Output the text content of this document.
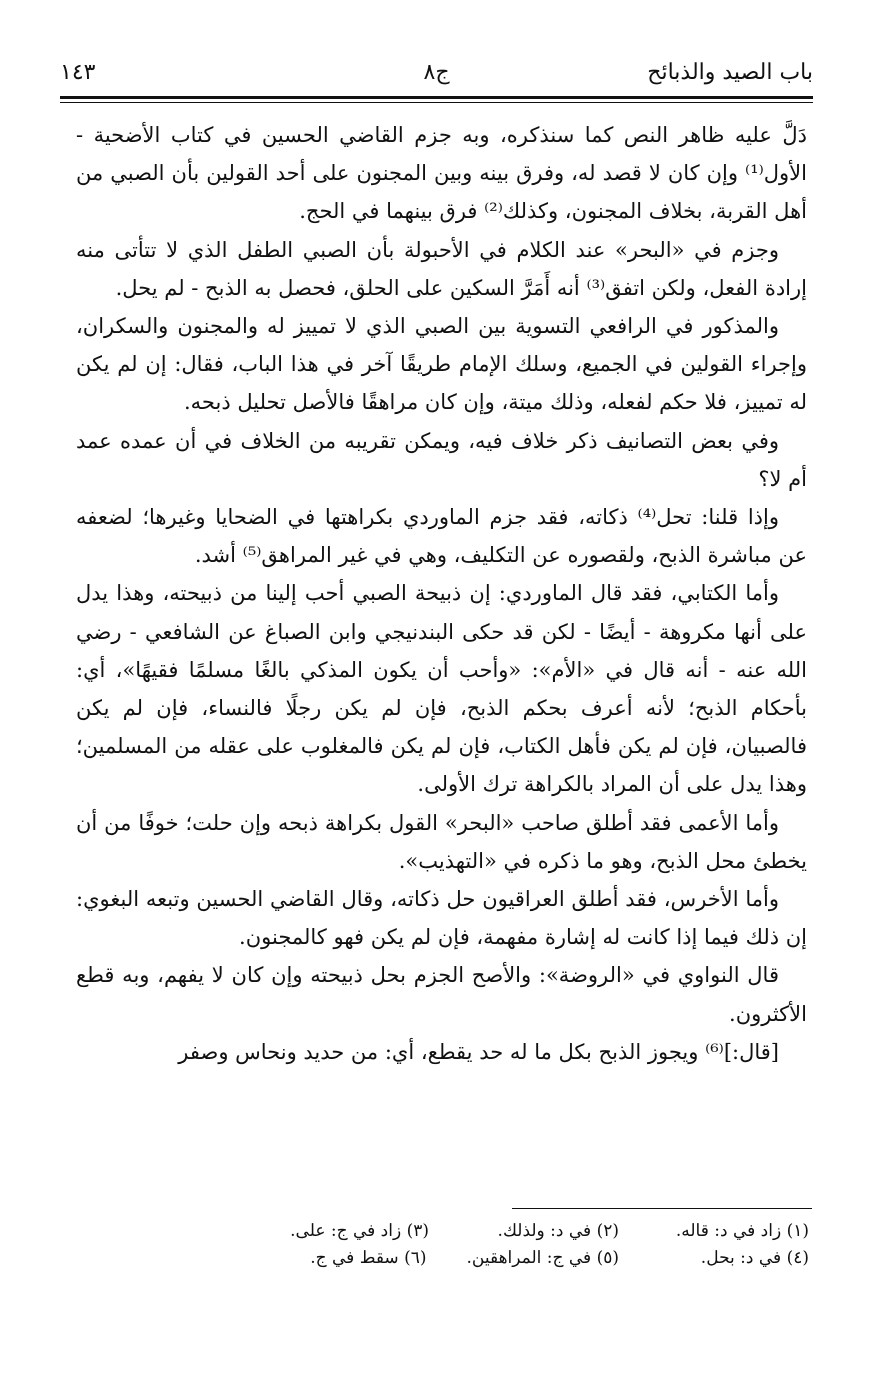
باب الصيد والذبائح
ج٨
١٤٣

دَلَّ عليه ظاهر النص كما سنذكره، وبه جزم القاضي الحسين في كتاب الأضحية - الأول⁽¹⁾ وإن كان لا قصد له، وفرق بينه وبين المجنون على أحد القولين بأن الصبي من أهل القربة، بخلاف المجنون، وكذلك⁽²⁾ فرق بينهما في الحج.

وجزم في «البحر» عند الكلام في الأحبولة بأن الصبي الطفل الذي لا تتأتى منه إرادة الفعل، ولكن اتفق⁽³⁾ أنه أَمَرَّ السكين على الحلق، فحصل به الذبح - لم يحل.

والمذكور في الرافعي التسوية بين الصبي الذي لا تمييز له والمجنون والسكران، وإجراء القولين في الجميع، وسلك الإمام طريقًا آخر في هذا الباب، فقال: إن لم يكن له تمييز، فلا حكم لفعله، وذلك ميتة، وإن كان مراهقًا فالأصل تحليل ذبحه.

وفي بعض التصانيف ذكر خلاف فيه، ويمكن تقريبه من الخلاف في أن عمده عمد أم لا؟

وإذا قلنا: تحل⁽⁴⁾ ذكاته، فقد جزم الماوردي بكراهتها في الضحايا وغيرها؛ لضعفه عن مباشرة الذبح، ولقصوره عن التكليف، وهي في غير المراهق⁽⁵⁾ أشد.

وأما الكتابي، فقد قال الماوردي: إن ذبيحة الصبي أحب إلينا من ذبيحته، وهذا يدل على أنها مكروهة - أيضًا - لكن قد حكى البندنيجي وابن الصباغ عن الشافعي - رضي الله عنه - أنه قال في «الأم»: «وأحب أن يكون المذكي بالغًا مسلمًا فقيهًا»، أي: بأحكام الذبح؛ لأنه أعرف بحكم الذبح، فإن لم يكن رجلًا فالنساء، فإن لم يكن فالصبيان، فإن لم يكن فأهل الكتاب، فإن لم يكن فالمغلوب على عقله من المسلمين؛ وهذا يدل على أن المراد بالكراهة ترك الأولى.

وأما الأعمى فقد أطلق صاحب «البحر» القول بكراهة ذبحه وإن حلت؛ خوفًا من أن يخطئ محل الذبح، وهو ما ذكره في «التهذيب».

وأما الأخرس، فقد أطلق العراقيون حل ذكاته، وقال القاضي الحسين وتبعه البغوي: إن ذلك فيما إذا كانت له إشارة مفهمة، فإن لم يكن فهو كالمجنون.

قال النواوي في «الروضة»: والأصح الجزم بحل ذبيحته وإن كان لا يفهم، وبه قطع الأكثرون.

[قال:]⁽⁶⁾ ويجوز الذبح بكل ما له حد يقطع، أي: من حديد ونحاس وصفر

(١) زاد في د: قاله.
(٢) في د: ولذلك.
(٣) زاد في ج: على.
(٤) في د: بحل.
(٥) في ج: المراهقين.
(٦) سقط في ج.
